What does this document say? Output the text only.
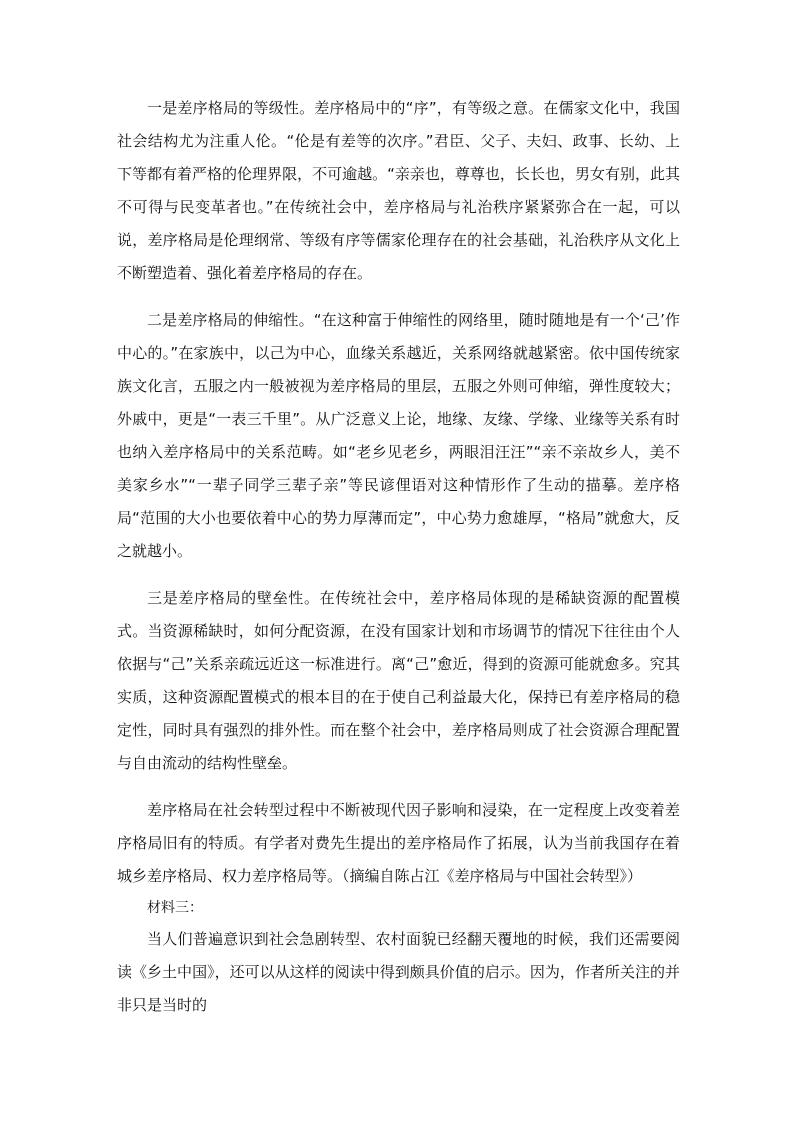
一是差序格局的等级性。差序格局中的“序”，有等级之意。在儒家文化中，我国社会结构尤为注重人伦。“伦是有差等的次序。”君臣、父子、夫妇、政事、长幼、上下等都有着严格的伦理界限，不可逾越。“亲亲也，尊尊也，长长也，男女有别，此其不可得与民变革者也。”在传统社会中，差序格局与礼治秩序紧紧弥合在一起，可以说，差序格局是伦理纲常、等级有序等儒家伦理存在的社会基础，礼治秩序从文化上不断塑造着、强化着差序格局的存在。

二是差序格局的伸缩性。“在这种富于伸缩性的网络里，随时随地是有一个‘己’作中心的。”在家族中，以己为中心，血缘关系越近，关系网络就越紧密。依中国传统家族文化言，五服之内一般被视为差序格局的里层，五服之外则可伸缩，弹性度较大；外戚中，更是“一表三千里”。从广泛意义上论，地缘、友缘、学缘、业缘等关系有时也纳入差序格局中的关系范畴。如“老乡见老乡，两眼泪汪汪”“亲不亲故乡人，美不美家乡水”“一辈子同学三辈子亲”等民谚俚语对这种情形作了生动的描摹。差序格局“范围的大小也要依着中心的势力厚薄而定”，中心势力愈雄厚，“格局”就愈大，反之就越小。

三是差序格局的壁垒性。在传统社会中，差序格局体现的是稀缺资源的配置模式。当资源稀缺时，如何分配资源，在没有国家计划和市场调节的情况下往往由个人依据与“己”关系亲疏远近这一标准进行。离“己”愈近，得到的资源可能就愈多。究其实质，这种资源配置模式的根本目的在于使自己利益最大化，保持已有差序格局的稳定性，同时具有强烈的排外性。而在整个社会中，差序格局则成了社会资源合理配置与自由流动的结构性壁垒。

差序格局在社会转型过程中不断被现代因子影响和浸染，在一定程度上改变着差序格局旧有的特质。有学者对费先生提出的差序格局作了拓展，认为当前我国存在着城乡差序格局、权力差序格局等。（摘编自陈占江《差序格局与中国社会转型》）

材料三：

当人们普遍意识到社会急剧转型、农村面貌已经翻天覆地的时候，我们还需要阅读《乡土中国》，还可以从这样的阅读中得到颇具价值的启示。因为，作者所关注的并非只是当时的
